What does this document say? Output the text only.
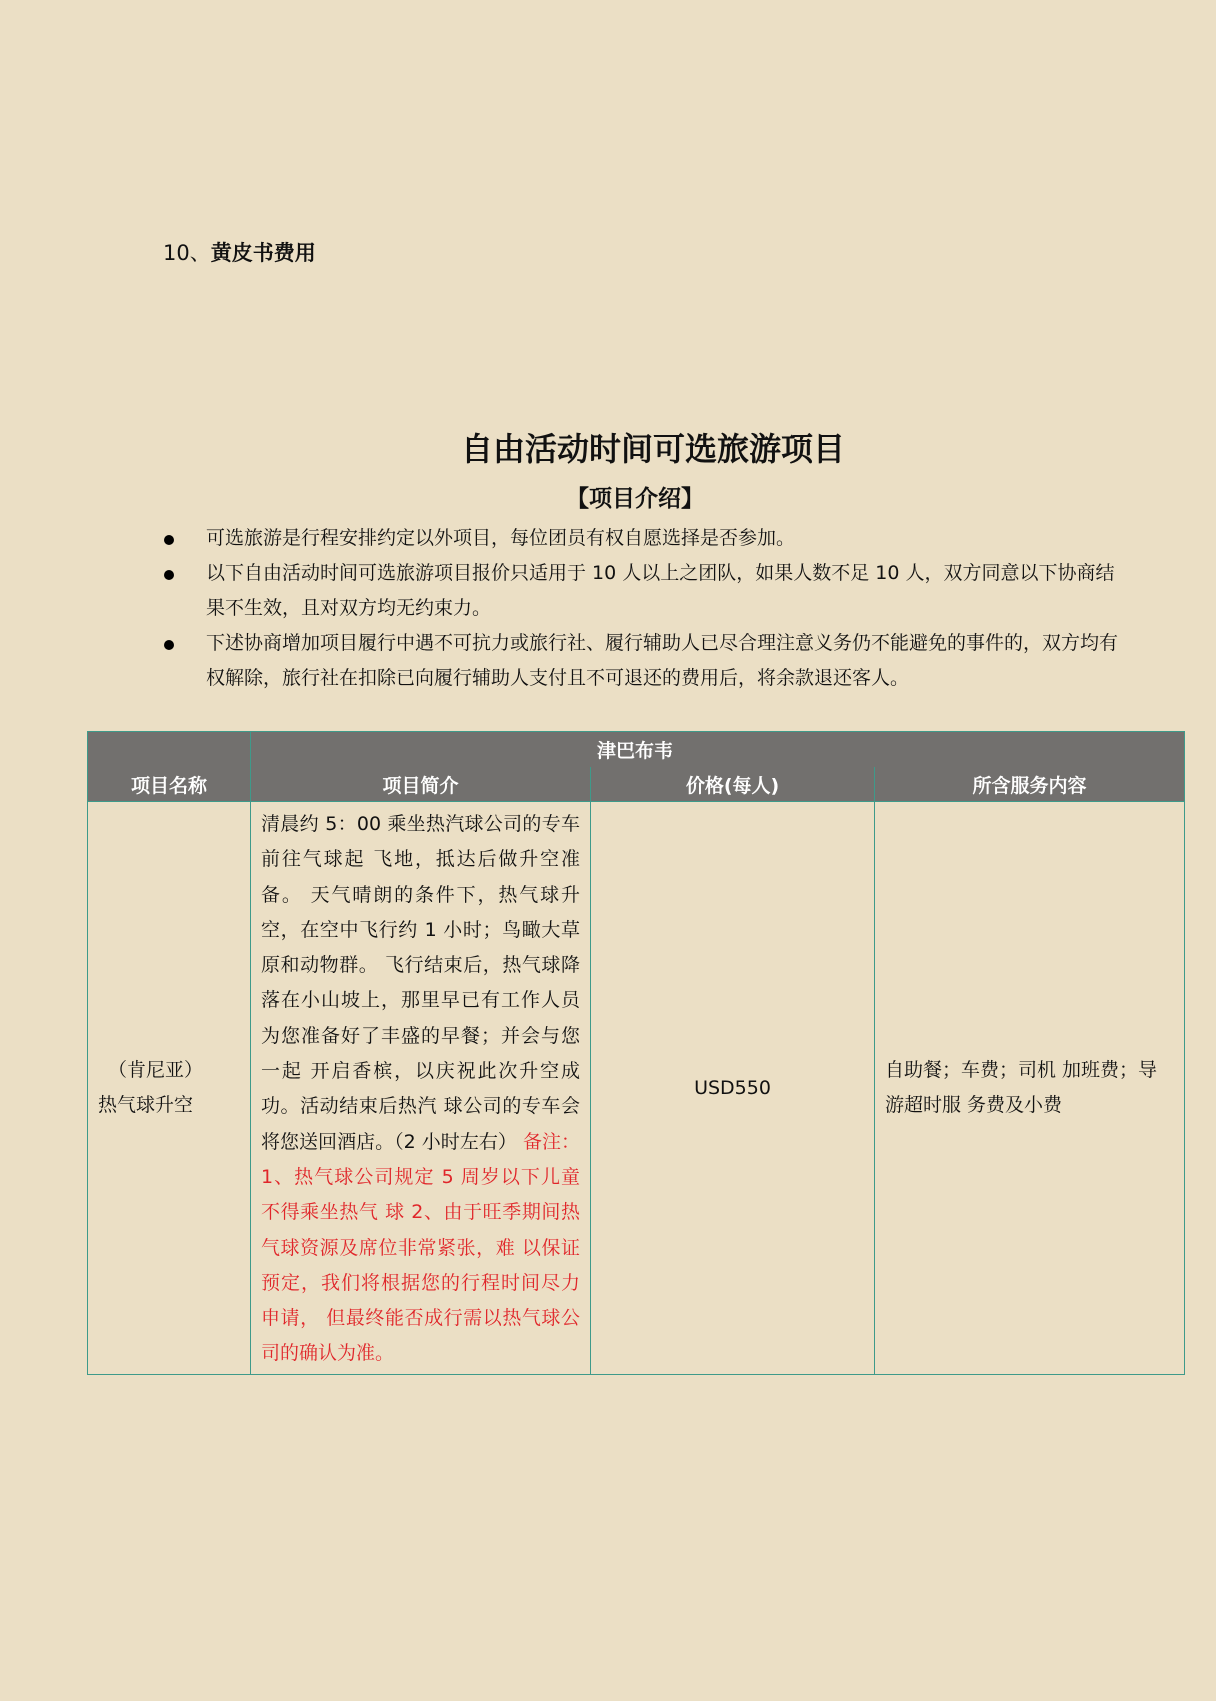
10、黄皮书费用
自由活动时间可选旅游项目
【项目介绍】
可选旅游是行程安排约定以外项目，每位团员有权自愿选择是否参加。
以下自由活动时间可选旅游项目报价只适用于 10 人以上之团队，如果人数不足 10 人，双方同意以下协商结果不生效，且对双方均无约束力。
下述协商增加项目履行中遇不可抗力或旅行社、履行辅助人已尽合理注意义务仍不能避免的事件的，双方均有权解除，旅行社在扣除已向履行辅助人支付且不可退还的费用后，将余款退还客人。
	津巴布韦		
项目名称	项目简介	价格(每人)	所含服务内容

（肯尼亚）
热气球升空	清晨约 5：00 乘坐热汽球公司的专车前往气球起 飞地，抵达后做升空准备。 天气晴朗的条件下，热气球升空，在空中飞行约 1 小时；鸟瞰大草原和动物群。 飞行结束后，热气球降落在小山坡上，那里早已有工作人员为您准备好了丰盛的早餐；并会与您一起 开启香槟，以庆祝此次升空成功。活动结束后热汽 球公司的专车会将您送回酒店。（2 小时左右） 备注： 1、热气球公司规定 5 周岁以下儿童不得乘坐热气 球 2、由于旺季期间热气球资源及席位非常紧张，难 以保证预定，我们将根据您的行程时间尽力申请， 但最终能否成行需以热气球公司的确认为准。	USD550	自助餐；车费；司机 加班费；导游超时服 务费及小费
